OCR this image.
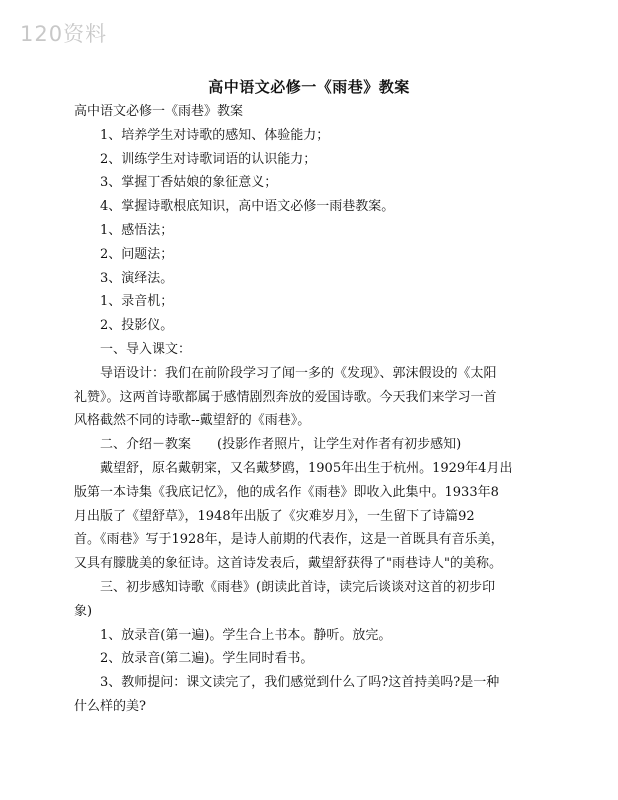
120资料
高中语文必修一《雨巷》教案
高中语文必修一《雨巷》教案
1、培养学生对诗歌的感知、体验能力；
2、训练学生对诗歌词语的认识能力；
3、掌握丁香姑娘的象征意义；
4、掌握诗歌根底知识，高中语文必修一雨巷教案。
1、感悟法；
2、问题法；
3、演绎法。
1、录音机；
2、投影仪。
一、导入课文：
导语设计：我们在前阶段学习了闻一多的《发现》、郭沫假设的《太阳
礼赞》。这两首诗歌都属于感情剧烈奔放的爱国诗歌。今天我们来学习一首
风格截然不同的诗歌--戴望舒的《雨巷》。
二、介绍－教案　　(投影作者照片，让学生对作者有初步感知)
戴望舒，原名戴朝寀，又名戴梦鸥，1905年出生于杭州。1929年4月出
版第一本诗集《我底记忆》，他的成名作《雨巷》即收入此集中。1933年8
月出版了《望舒草》，1948年出版了《灾难岁月》，一生留下了诗篇92
首。《雨巷》写于1928年，是诗人前期的代表作，这是一首既具有音乐美，
又具有朦胧美的象征诗。这首诗发表后，戴望舒获得了"雨巷诗人"的美称。
三、初步感知诗歌《雨巷》(朗读此首诗，读完后谈谈对这首的初步印
象)
1、放录音(第一遍)。学生合上书本。静听。放完。
2、放录音(第二遍)。学生同时看书。
3、教师提问：课文读完了，我们感觉到什么了吗?这首持美吗?是一种
什么样的美?
